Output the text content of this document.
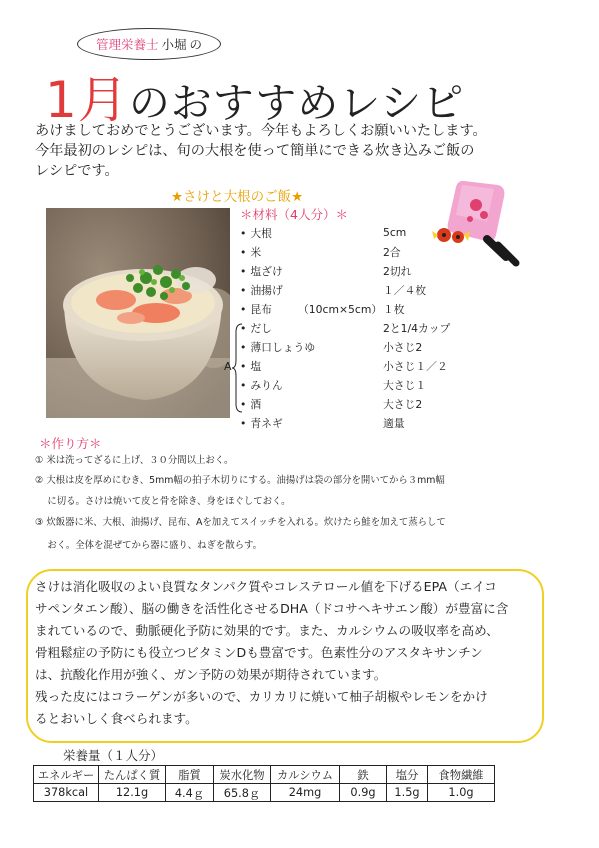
管理栄養士 小堀 の
1月のおすすめレシピ
あけましておめでとうございます。今年もよろしくお願いいたします。
今年最初のレシピは、旬の大根を使って簡単にできる炊き込みご飯の
レシピです。
★さけと大根のご飯★
＊材料（4人分）＊
• 大根	5cm
• 米	2合
• 塩ざけ	2切れ
• 油揚げ	１／４枚
• 昆布 （10cm×5cm） １枚
• だし	2と1/4カップ
• 薄口しょうゆ	小さじ2
• 塩	小さじ１／２
• みりん	大さじ１
• 酒	大さじ2
• 青ネギ	適量
A
＊作り方＊
① 米は洗ってざるに上げ、３０分間以上おく。
② 大根は皮を厚めにむき、5mm幅の拍子木切りにする。油揚げは袋の部分を開いてから３mm幅
　 に切る。さけは焼いて皮と骨を除き、身をほぐしておく。
③ 炊飯器に米、大根、油揚げ、昆布、Aを加えてスイッチを入れる。炊けたら鮭を加えて蒸らして
　 おく。全体を混ぜてから器に盛り、ねぎを散らす。
さけは消化吸収のよい良質なタンパク質やコレステロール値を下げるEPA（エイコ
サペンタエン酸）、脳の働きを活性化させるDHA（ドコサヘキサエン酸）が豊富に含
まれているので、動脈硬化予防に効果的です。また、カルシウムの吸収率を高め、
骨粗鬆症の予防にも役立つビタミンDも豊富です。色素性分のアスタキサンチン
は、抗酸化作用が強く、ガン予防の効果が期待されています。
残った皮にはコラーゲンが多いので、カリカリに焼いて柚子胡椒やレモンをかけ
るとおいしく食べられます。
栄養量（１人分）
エネルギー	たんぱく質	脂質	炭水化物	カルシウム	鉄	塩分	食物繊維
378kcal	12.1g	4.4ｇ	65.8ｇ	24mg	0.9g	1.5g	1.0g
